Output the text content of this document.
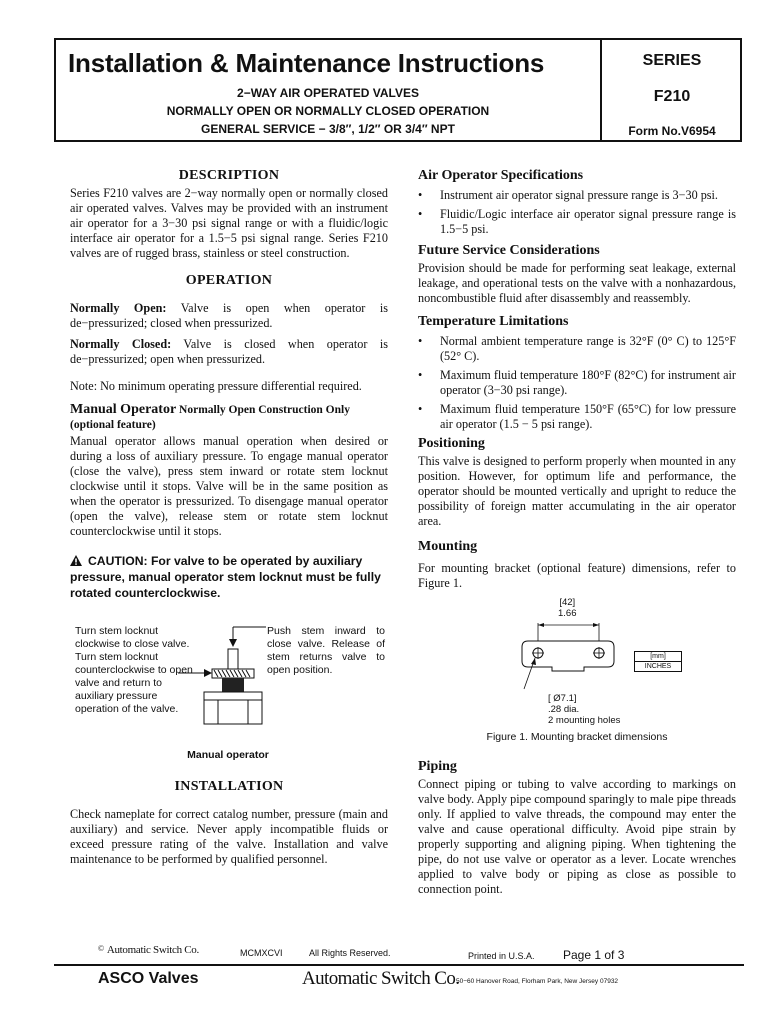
Installation & Maintenance Instructions
2−WAY AIR OPERATED VALVES
NORMALLY OPEN OR NORMALLY CLOSED OPERATION
GENERAL SERVICE − 3/8″, 1/2″ OR 3/4″ NPT
SERIES
F210
Form No.V6954
DESCRIPTION

Series F210 valves are 2−way normally open or normally closed air operated valves. Valves may be provided with an instrument air operator for a 3−30 psi signal range or with a fluidic/logic interface air operator for a 1.5−5 psi signal range. Series F210 valves are of rugged brass, stainless or steel construction.

OPERATION

Normally Open: Valve is open when operator is de−pressurized; closed when pressurized.

Normally Closed: Valve is closed when operator is de−pressurized; open when pressurized.

Note: No minimum operating pressure differential required.

Manual Operator Normally Open Construction Only
(optional feature)

Manual operator allows manual operation when desired or during a loss of auxiliary pressure. To engage manual operator (close the valve), press stem inward or rotate stem locknut clockwise until it stops. Valve will be in the same position as when the operator is pressurized. To disengage manual operator (open the valve), release stem or rotate stem locknut counterclockwise until it stops.

CAUTION: For valve to be operated by auxiliary pressure, manual operator stem locknut must be fully rotated counterclockwise.
Turn stem locknut clockwise to close valve. Turn stem locknut counterclockwise to open valve and return to auxiliary pressure operation of the valve.
Push stem inward to close valve. Release of stem returns valve to open position.
Manual operator
INSTALLATION

Check nameplate for correct catalog number, pressure (main and auxiliary) and service. Never apply incompatible fluids or exceed pressure rating of the valve. Installation and valve maintenance to be performed by qualified personnel.

Air Operator Specifications
• Instrument air operator signal pressure range is 3−30 psi.
• Fluidic/Logic interface air operator signal pressure range is 1.5−5 psi.
Future Service Considerations

Provision should be made for performing seat leakage, external leakage, and operational tests on the valve with a nonhazardous, noncombustible fluid after disassembly and reassembly.

Temperature Limitations
• Normal ambient temperature range is 32°F (0° C) to 125°F (52° C).
• Maximum fluid temperature 180°F (82°C) for instrument air operator (3−30 psi range).
• Maximum fluid temperature 150°F (65°C) for low pressure air operator (1.5 − 5 psi range).
Positioning

This valve is designed to perform properly when mounted in any position. However, for optimum life and performance, the operator should be mounted vertically and upright to reduce the possibility of foreign matter accumulating in the air operator area.

Mounting

For mounting bracket (optional feature) dimensions, refer to Figure 1.

[42]
1.66
[mm]
INCHES
[ Ø7.1]
.28 dia.
2 mounting holes
Figure 1. Mounting bracket dimensions
Piping

Connect piping or tubing to valve according to markings on valve body. Apply pipe compound sparingly to male pipe threads only. If applied to valve threads, the compound may enter the valve and cause operational difficulty. Avoid pipe strain by properly supporting and aligning piping. When tightening the pipe, do not use valve or operator as a lever. Locate wrenches applied to valve body or piping as close as possible to connection point.

© Automatic Switch Co.	MCMXCVI	All Rights Reserved.	Printed in U.S.A. Page 1 of 3
ASCO Valves	Automatic Switch Co.
50−60 Hanover Road, Florham Park, New Jersey 07932
